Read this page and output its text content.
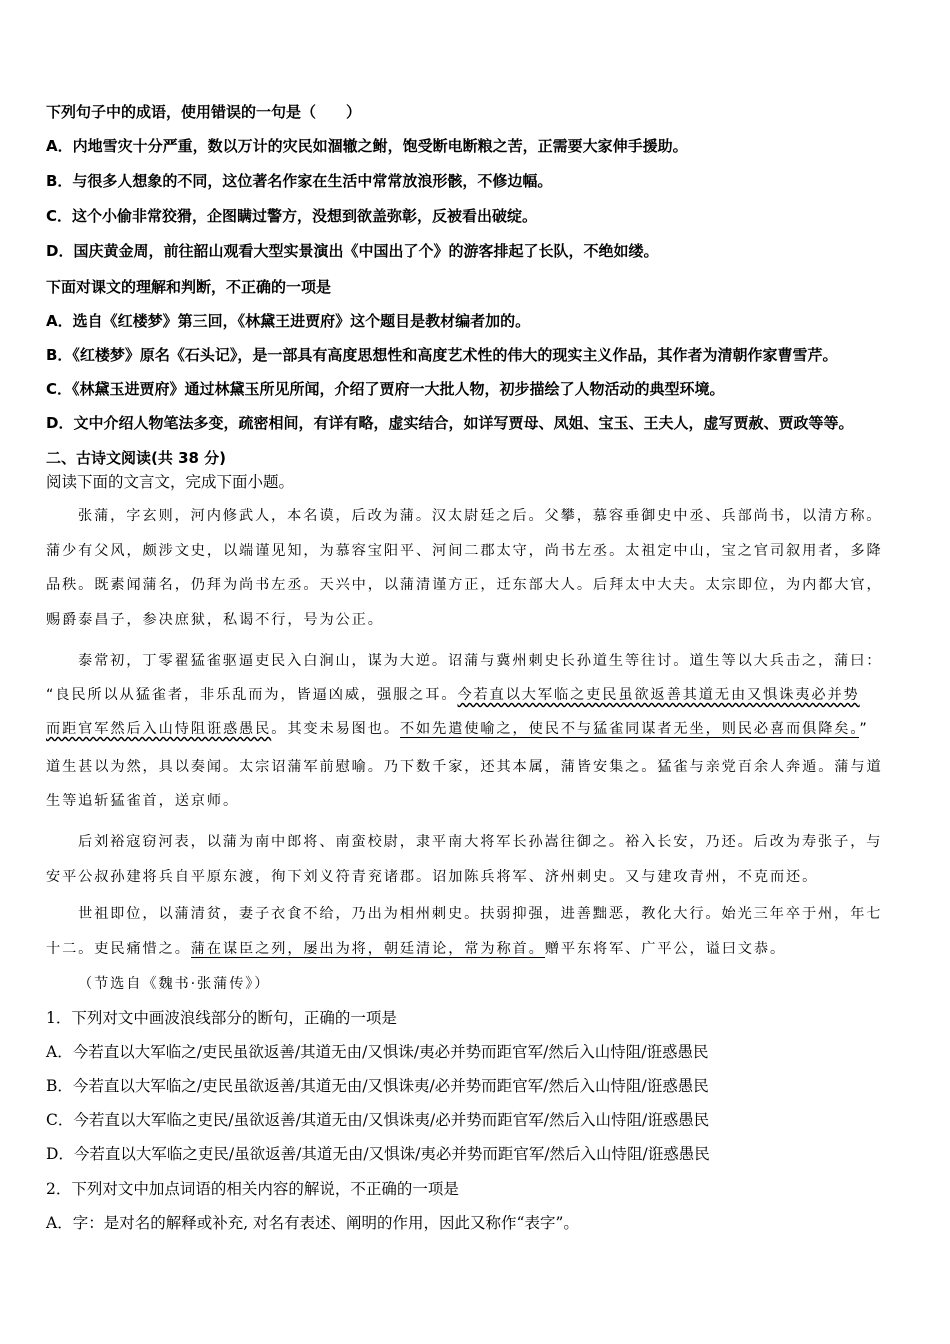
下列句子中的成语，使用错误的一句是（　　）
A．内地雪灾十分严重，数以万计的灾民如涸辙之鲋，饱受断电断粮之苦，正需要大家伸手援助。
B．与很多人想象的不同，这位著名作家在生活中常常放浪形骸，不修边幅。
C．这个小偷非常狡猾，企图瞒过警方，没想到欲盖弥彰，反被看出破绽。
D．国庆黄金周，前往韶山观看大型实景演出《中国出了个》的游客排起了长队，不绝如缕。
下面对课文的理解和判断，不正确的一项是
A．选自《红楼梦》第三回，《林黛王进贾府》这个题目是教材编者加的。
B．《红楼梦》原名《石头记》，是一部具有高度思想性和高度艺术性的伟大的现实主义作品，其作者为清朝作家曹雪芹。
C．《林黛玉进贾府》通过林黛玉所见所闻，介绍了贾府一大批人物，初步描绘了人物活动的典型环境。
D．文中介绍人物笔法多变，疏密相间，有详有略，虚实结合，如详写贾母、凤姐、宝玉、王夫人，虚写贾赦、贾政等等。
二、古诗文阅读(共 38 分)
阅读下面的文言文，完成下面小题。
张蒲，字玄则，河内修武人，本名谟，后改为蒲。汉太尉廷之后。父攀，慕容垂御史中丞、兵部尚书，以清方称。
蒲少有父风，颇涉文史，以端谨见知，为慕容宝阳平、河间二郡太守，尚书左丞。太祖定中山，宝之官司叙用者，多降
品秩。既素闻蒲名，仍拜为尚书左丞。天兴中，以蒲清谨方正，迁东部大人。后拜太中大夫。太宗即位，为内都大官，
赐爵泰昌子，参决庶狱，私谒不行，号为公正。
泰常初，丁零翟猛雀驱逼吏民入白涧山，谋为大逆。诏蒲与冀州刺史长孙道生等往讨。道生等以大兵击之，蒲曰：
“良民所以从猛雀者，非乐乱而为，皆逼凶威，强服之耳。今若直以大军临之吏民虽欲返善其道无由又惧诛夷必并势
而距官军然后入山恃阻诳惑愚民。其变未易图也。不如先遣使喻之，使民不与猛雀同谋者无坐，则民必喜而俱降矣。”
道生甚以为然，具以奏闻。太宗诏蒲军前慰喻。乃下数千家，还其本属，蒲皆安集之。猛雀与亲党百余人奔遁。蒲与道
生等追斩猛雀首，送京师。
后刘裕寇窃河表，以蒲为南中郎将、南蛮校尉，隶平南大将军长孙嵩往御之。裕入长安，乃还。后改为寿张子，与
安平公叔孙建将兵自平原东渡，徇下刘义符青兖诸郡。诏加陈兵将军、济州刺史。又与建攻青州，不克而还。
世祖即位，以蒲清贫，妻子衣食不给，乃出为相州刺史。扶弱抑强，进善黜恶，教化大行。始光三年卒于州，年七
十二。吏民痛惜之。蒲在谋臣之列，屡出为将，朝廷清论，常为称首。赠平东将军、广平公，谥曰文恭。
（节选自《魏书·张蒲传》）
1．下列对文中画波浪线部分的断句，正确的一项是
A．今若直以大军临之/吏民虽欲返善/其道无由/又惧诛/夷必并势而距官军/然后入山恃阻/诳惑愚民
B．今若直以大军临之/吏民虽欲返善/其道无由/又惧诛夷/必并势而距官军/然后入山恃阻/诳惑愚民
C．今若直以大军临之吏民/虽欲返善/其道无由/又惧诛夷/必并势而距官军/然后入山恃阻/诳惑愚民
D．今若直以大军临之吏民/虽欲返善/其道无由/又惧诛/夷必并势而距官军/然后入山恃阻/诳惑愚民
2．下列对文中加点词语的相关内容的解说，不正确的一项是
A．字：是对名的解释或补充, 对名有表述、阐明的作用，因此又称作“表字”。
